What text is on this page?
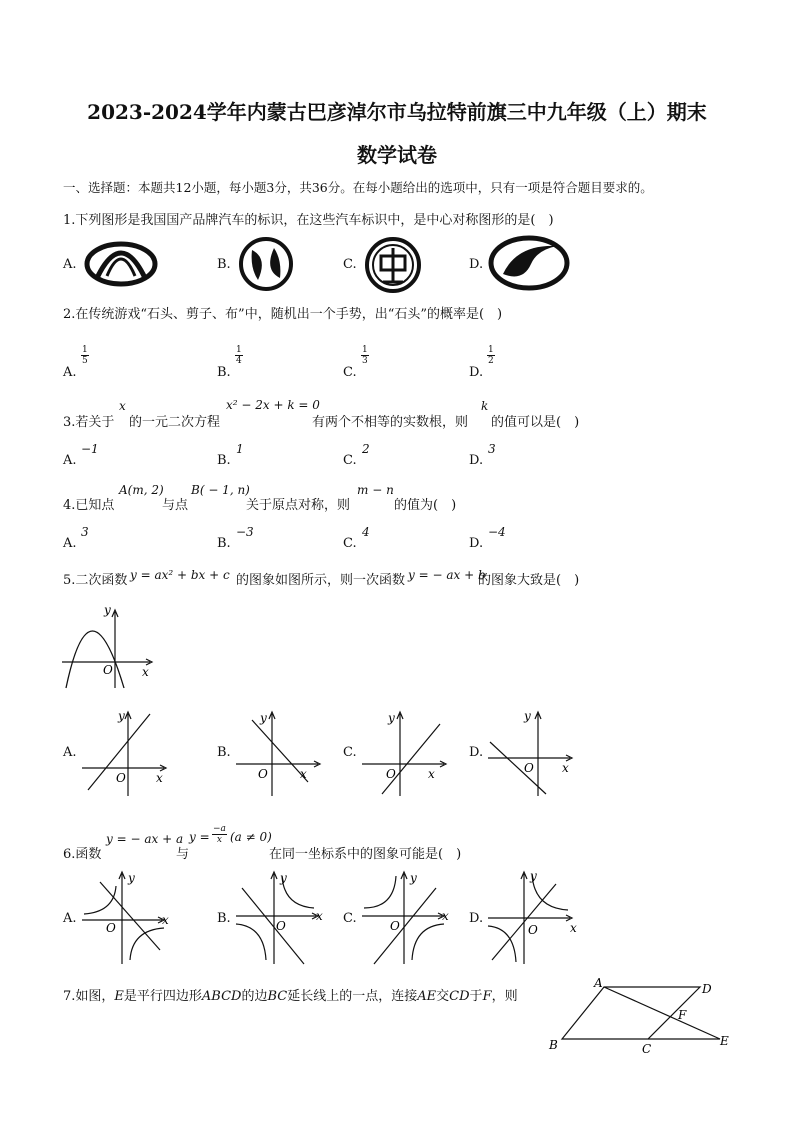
2023-2024学年内蒙古巴彦淖尔市乌拉特前旗三中九年级（上）期末
数学试卷
一、选择题：本题共12小题，每小题3分，共36分。在每小题给出的选项中，只有一项是符合题目要求的。
1.下列图形是我国国产品牌汽车的标识，在这些汽车标识中，是中心对称图形的是(　)
A.	B.	C.	D.
2.在传统游戏“石头、剪子、布”中，随机出一个手势，出“石头”的概率是(　)
A.
$\frac{1}{5}$
B.
$\frac{1}{4}$
C.
$\frac{1}{3}$
D.
$\frac{1}{2}$
3.若关于
x
的一元二次方程
x² − 2x + k = 0
有两个不相等的实数根，则
k
的值可以是(　)
A.
−1
B.
1
C.
2
D.
3
4.已知点
A(m, 2)
与点
B( − 1, n)
关于原点对称，则
m − n
的值为(　)
A.
3
B.
−3
C.
4
D.
−4
5.二次函数 y = ax² + bx + c 的图象如图所示，则一次函数 y = − ax + b
的图象大致是(　)
y
x
O
A.
y
x
O
B.
y
x
O
C.
y
x
O
D.
y
x
O
6.函数
y = − ax + a
与
$y = \frac{-a}{x} (a \ne 0)$
在同一坐标系中的图象可能是(　)
A.
y
x
O
B.
y
x
O	C.
y
x
O	D.
y
x
O
7.如图，E是平行四边形ABCD的边BC延长线上的一点，连接AE交CD于F，则
A	D
B	C
E
F
